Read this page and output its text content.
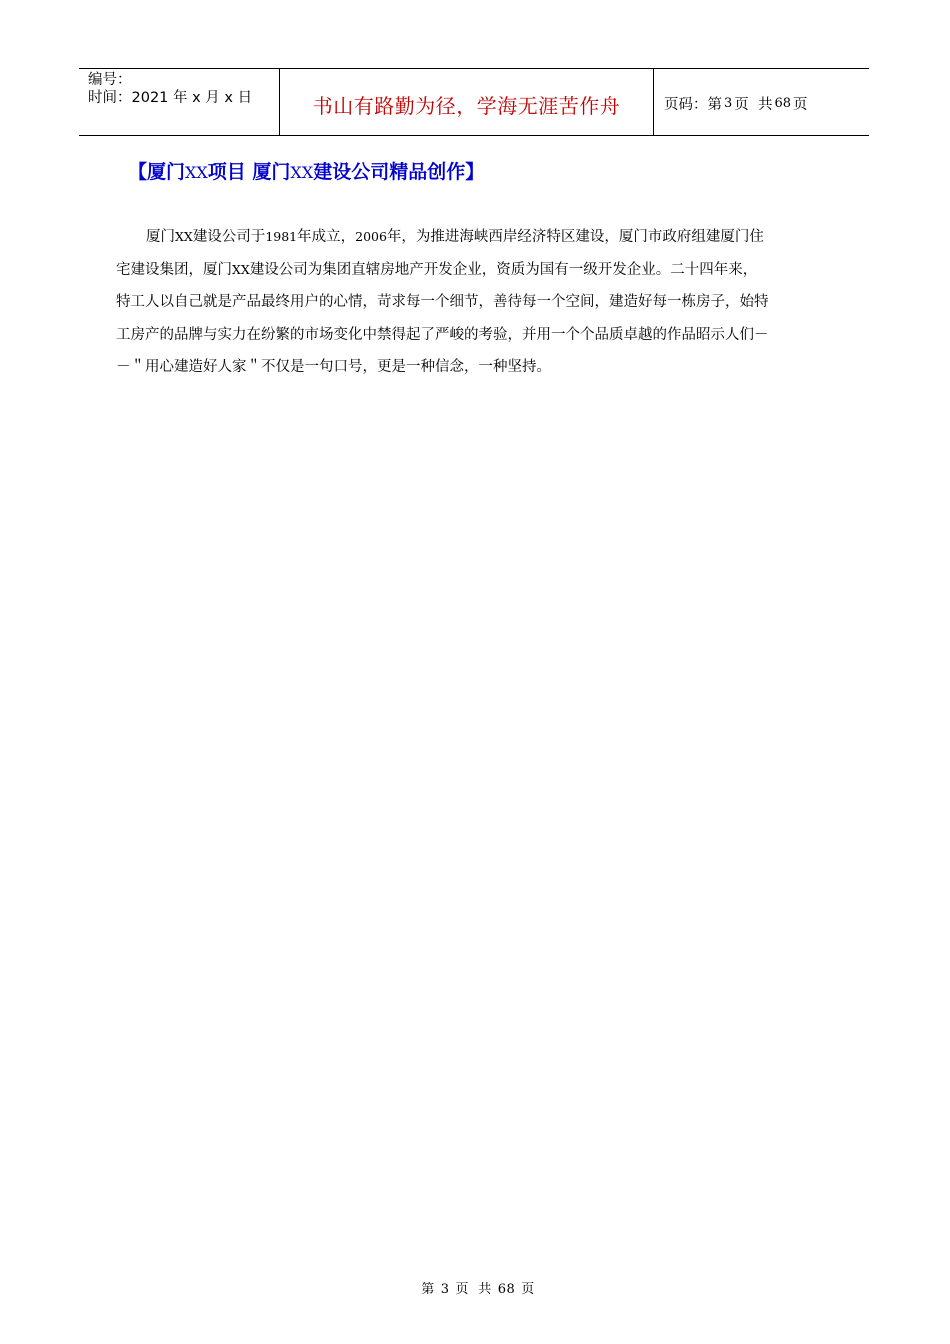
编号：
时间：2021 年 x 月 x 日	书山有路勤为径，学海无涯苦作舟	页码：第 3 页  共 68 页
【厦门XX项目 厦门XX建设公司精品创作】
厦门XX建设公司于1981年成立，2006年，为推进海峡西岸经济特区建设，厦门市政府组建厦门住
宅建设集团，厦门XX建设公司为集团直辖房地产开发企业，资质为国有一级开发企业。二十四年来，
特工人以自己就是产品最终用户的心情，苛求每一个细节，善待每一个空间，建造好每一栋房子，始特
工房产的品牌与实力在纷繁的市场变化中禁得起了严峻的考验，并用一个个品质卓越的作品昭示人们－
－＂用心建造好人家＂不仅是一句口号，更是一种信念，一种坚持。
第 3 页  共 68 页
